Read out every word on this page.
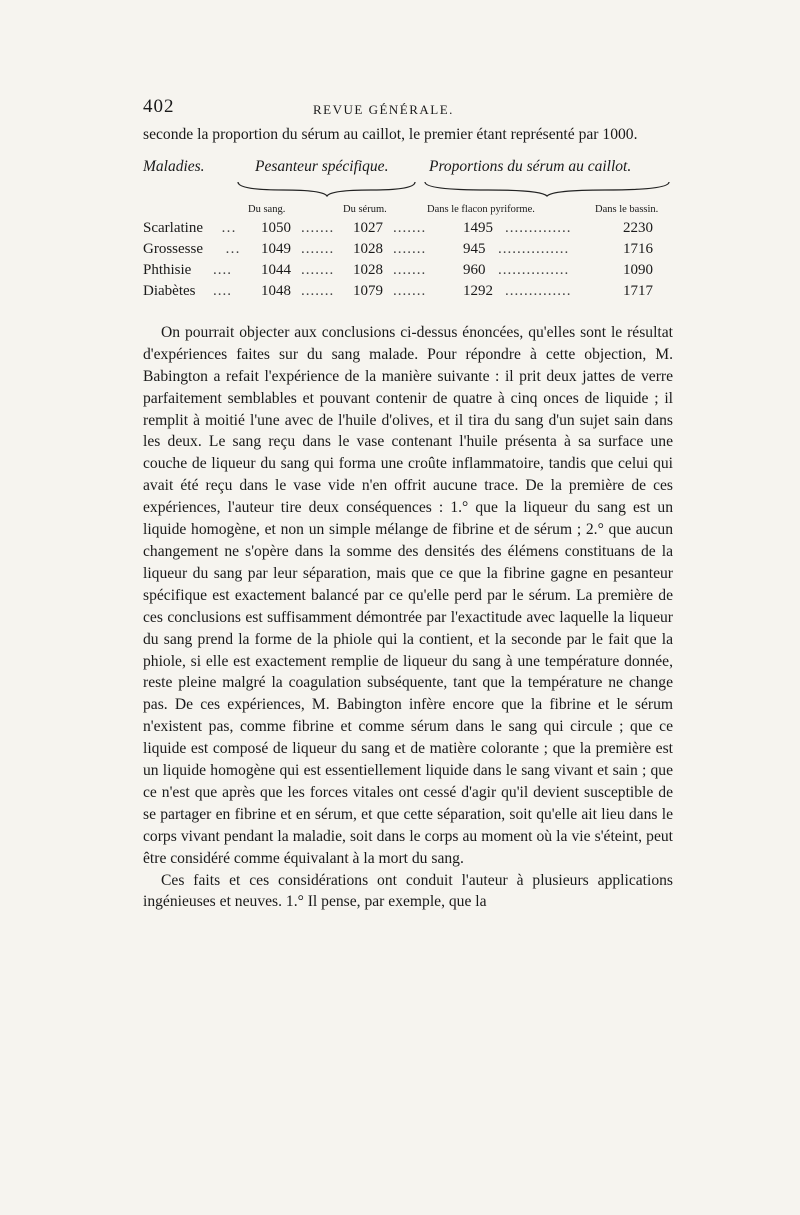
402	REVUE GÉNÉRALE.

seconde la proportion du sérum au caillot, le premier étant représenté par 1000.

Maladies.	Pesanteur spécifique.	Proportions du sérum au caillot.
Du sang.	Du sérum.	Dans le flacon pyriforme.	Dans le bassin.
Scarlatine … 1050 ....... 1027 ....... 1495 ..............	2230
Grossesse … 1049 ....... 1028 ....... 945 ...............	1716
Phthisie .... 1044 ....... 1028 ....... 960 ...............	1090
Diabètes .... 1048 ....... 1079 ....... 1292 ..............	1717

On pourrait objecter aux conclusions ci-dessus énoncées, qu'elles sont le résultat d'expériences faites sur du sang malade. Pour répondre à cette objection, M. Babington a refait l'expérience de la manière suivante : il prit deux jattes de verre parfaitement semblables et pouvant contenir de quatre à cinq onces de liquide ; il remplit à moitié l'une avec de l'huile d'olives, et il tira du sang d'un sujet sain dans les deux. Le sang reçu dans le vase contenant l'huile présenta à sa surface une couche de liqueur du sang qui forma une croûte inflammatoire, tandis que celui qui avait été reçu dans le vase vide n'en offrit aucune trace. De la première de ces expériences, l'auteur tire deux conséquences : 1.° que la liqueur du sang est un liquide homogène, et non un simple mélange de fibrine et de sérum ; 2.° que aucun changement ne s'opère dans la somme des densités des élémens constituans de la liqueur du sang par leur séparation, mais que ce que la fibrine gagne en pesanteur spécifique est exactement balancé par ce qu'elle perd par le sérum. La première de ces conclusions est suffisamment démontrée par l'exactitude avec laquelle la liqueur du sang prend la forme de la phiole qui la contient, et la seconde par le fait que la phiole, si elle est exactement remplie de liqueur du sang à une température donnée, reste pleine malgré la coagulation subséquente, tant que la température ne change pas. De ces expériences, M. Babington infère encore que la fibrine et le sérum n'existent pas, comme fibrine et comme sérum dans le sang qui circule ; que ce liquide est composé de liqueur du sang et de matière colorante ; que la première est un liquide homogène qui est essentiellement liquide dans le sang vivant et sain ; que ce n'est que après que les forces vitales ont cessé d'agir qu'il devient susceptible de se partager en fibrine et en sérum, et que cette séparation, soit qu'elle ait lieu dans le corps vivant pendant la maladie, soit dans le corps au moment où la vie s'éteint, peut être considéré comme équivalant à la mort du sang.

Ces faits et ces considérations ont conduit l'auteur à plusieurs applications ingénieuses et neuves. 1.° Il pense, par exemple, que la
